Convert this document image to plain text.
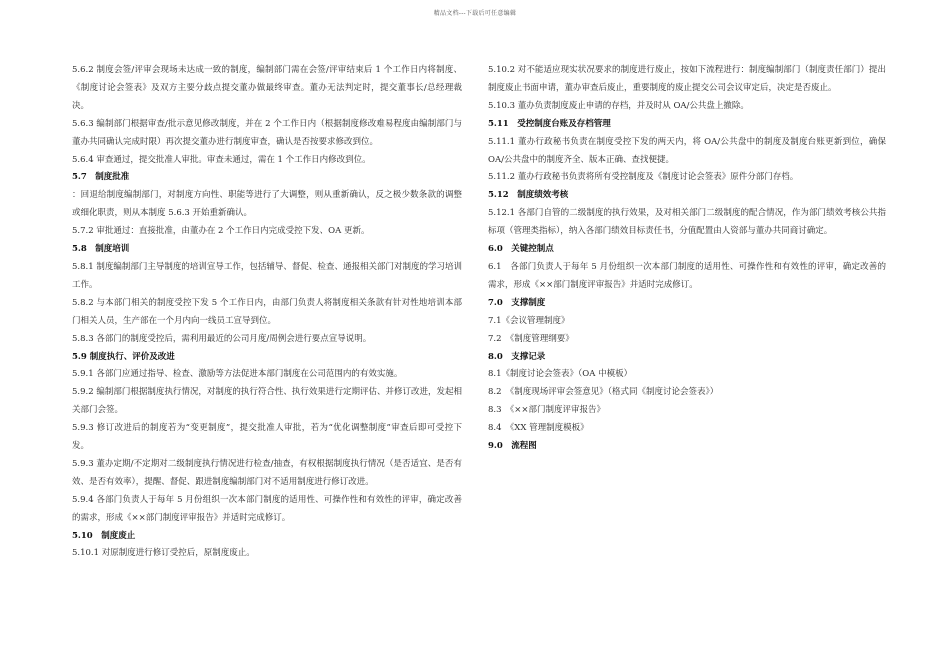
精品文档---下载后可任意编辑

5.6.2 制度会签/评审会现场未达成一致的制度，编制部门需在会签/评审结束后 1 个工作日内将制度、《制度讨论会签表》及双方主要分歧点提交董办做最终审查。董办无法判定时，提交董事长/总经理裁决。

5.6.3 编制部门根据审查/批示意见修改制度，并在 2 个工作日内（根据制度修改难易程度由编制部门与董办共同确认完成时限）再次提交董办进行制度审查，确认是否按要求修改到位。

5.6.4 审查通过，提交批准人审批。审查未通过，需在 1 个工作日内修改到位。

5.7　制度批准

：回退给制度编制部门，对制度方向性、职能等进行了大调整，则从重新确认，反之极少数条款的调整或细化职责，则从本制度 5.6.3 开始重新确认。

5.7.2 审批通过：直接批准，由董办在 2 个工作日内完成受控下发、OA 更新。

5.8　制度培训

5.8.1 制度编制部门主导制度的培训宣导工作，包括辅导、督促、检查、通报相关部门对制度的学习培训工作。

5.8.2 与本部门相关的制度受控下发 5 个工作日内，由部门负责人将制度相关条款有针对性地培训本部门相关人员，生产部在一个月内向一线员工宣导到位。

5.8.3 各部门的制度受控后，需利用最近的公司月度/周例会进行要点宣导说明。

5.9 制度执行、评价及改进

5.9.1 各部门应通过指导、检查、激励等方法促进本部门制度在公司范围内的有效实施。

5.9.2 编制部门根据制度执行情况，对制度的执行符合性、执行效果进行定期评估、并修订改进，发起相关部门会签。

5.9.3 修订改进后的制度若为“变更制度”，提交批准人审批，若为“优化调整制度”审查后即可受控下发。

5.9.3 董办定期/不定期对二级制度执行情况进行检查/抽查，有权根据制度执行情况（是否适宜、是否有效、是否有效率），提醒、督促、跟进制度编制部门对不适用制度进行修订改进。

5.9.4 各部门负责人于每年 5 月份组织一次本部门制度的适用性、可操作性和有效性的评审，确定改善的需求，形成《××部门制度评审报告》并适时完成修订。

5.10　制度废止

5.10.1 对原制度进行修订受控后，原制度废止。

5.10.2 对不能适应现实状况要求的制度进行废止，按如下流程进行：制度编制部门（制度责任部门）提出制度废止书面申请，董办审查后废止，重要制度的废止提交公司会议审定后，决定是否废止。

5.10.3 董办负责制度废止申请的存档，并及时从 OA/公共盘上撤除。

5.11　受控制度台账及存档管理

5.11.1 董办行政秘书负责在制度受控下发的两天内，将 OA/公共盘中的制度及制度台账更新到位，确保 OA/公共盘中的制度齐全、版本正确、查找便捷。

5.11.2 董办行政秘书负责将所有受控制度及《制度讨论会签表》原件分部门存档。

5.12　制度绩效考核

5.12.1 各部门自管的二级制度的执行效果，及对相关部门二级制度的配合情况，作为部门绩效考核公共指标项（管理类指标），纳入各部门绩效目标责任书，分值配置由人资部与董办共同商讨确定。

6.0　关键控制点

6.1　各部门负责人于每年 5 月份组织一次本部门制度的适用性、可操作性和有效性的评审，确定改善的需求，形成《××部门制度评审报告》并适时完成修订。

7.0　支撑制度

7.1《会议管理制度》

7.2　《制度管理纲要》

8.0　支撑记录

8.1《制度讨论会签表》（OA 中模板）

8.2　《制度现场评审会签意见》（格式同《制度讨论会签表》）

8.3　《××部门制度评审报告》

8.4　《XX 管理制度模板》

9.0　流程图
